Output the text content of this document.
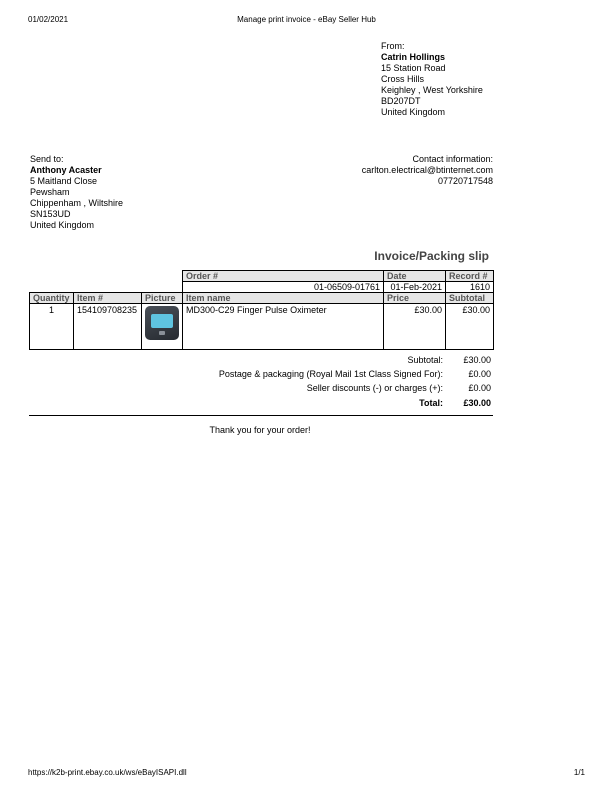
01/02/2021	Manage print invoice - eBay Seller Hub
From:
Catrin Hollings
15 Station Road
Cross Hills
Keighley , West Yorkshire
BD207DT
United Kingdom
Send to:
Anthony Acaster
5 Maitland Close
Pewsham
Chippenham , Wiltshire
SN153UD
United Kingdom
Contact information:
carlton.electrical@btinternet.com
07720717548
Invoice/Packing slip
			Order #	Date	Record #
			01-06509-01761	01-Feb-2021	1610
Quantity	Item #	Picture	Item name	Price	Subtotal
1	154109708235		MD300-C29 Finger Pulse Oximeter	£30.00	£30.00
Subtotal: £30.00
Postage & packaging (Royal Mail 1st Class Signed For):	£0.00
Seller discounts (-) or charges (+):	£0.00
Total: £30.00
Thank you for your order!
https://k2b-print.ebay.co.uk/ws/eBayISAPI.dll	1/1
